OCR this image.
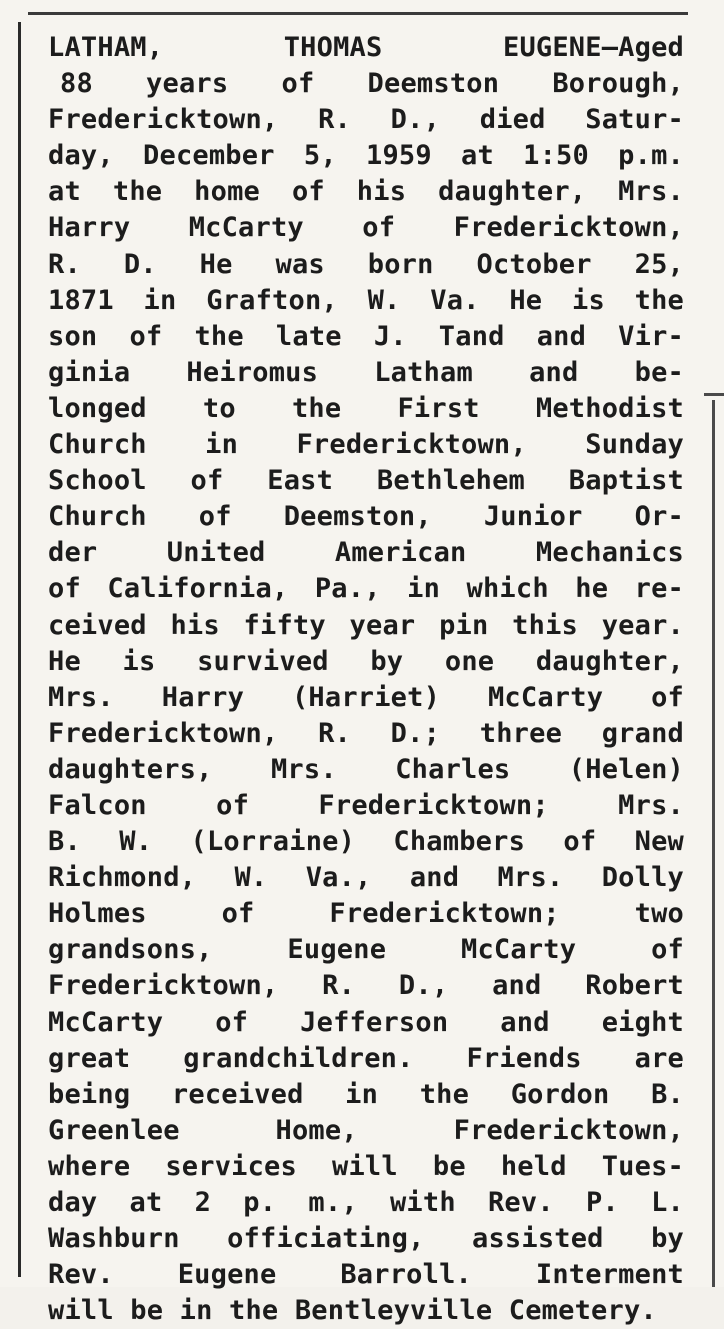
LATHAM, THOMAS EUGENE—Aged
88 years of Deemston Borough,
Fredericktown, R. D., died Satur-
day, December 5, 1959 at 1:50 p.m.
at the home of his daughter, Mrs.
Harry McCarty of Fredericktown,
R. D. He was born October 25,
1871 in Grafton, W. Va. He is the
son of the late J. Tand and Vir-
ginia Heiromus Latham and be-
longed to the First Methodist
Church in Fredericktown, Sunday
School of East Bethlehem Baptist
Church of Deemston, Junior Or-
der United American Mechanics
of California, Pa., in which he re-
ceived his fifty year pin this year.
He is survived by one daughter,
Mrs. Harry (Harriet) McCarty of
Fredericktown, R. D.; three grand
daughters, Mrs. Charles (Helen)
Falcon of Fredericktown; Mrs.
B. W. (Lorraine) Chambers of New
Richmond, W. Va., and Mrs. Dolly
Holmes of Fredericktown; two
grandsons, Eugene McCarty of
Fredericktown, R. D., and Robert
McCarty of Jefferson and eight
great grandchildren. Friends are
being received in the Gordon B.
Greenlee Home, Fredericktown,
where services will be held Tues-
day at 2 p. m., with Rev. P. L.
Washburn officiating, assisted by
Rev. Eugene Barroll. Interment
will be in the Bentleyville Cemetery.
